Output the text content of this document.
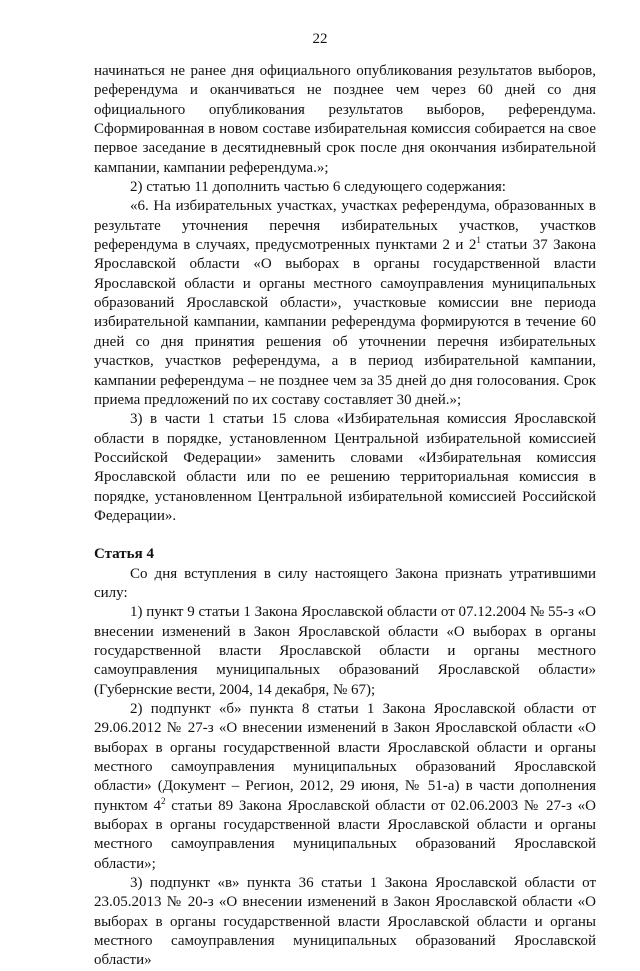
22

начинаться не ранее дня официального опубликования результатов выборов, референдума и оканчиваться не позднее чем через 60 дней со дня официального опубликования результатов выборов, референдума. Сформированная в новом составе избирательная комиссия собирается на свое первое заседание в десятидневный срок после дня окончания избирательной кампании, кампании референдума.»;

2) статью 11 дополнить частью 6 следующего содержания:

«6. На избирательных участках, участках референдума, образованных в результате уточнения перечня избирательных участков, участков референдума в случаях, предусмотренных пунктами 2 и $2^1$ статьи 37 Закона Ярославской области «О выборах в органы государственной власти Ярославской области и органы местного самоуправления муниципальных образований Ярославской области», участковые комиссии вне периода избирательной кампании, кампании референдума формируются в течение 60 дней со дня принятия решения об уточнении перечня избирательных участков, участков референдума, а в период избирательной кампании, кампании референдума – не позднее чем за 35 дней до дня голосования. Срок приема предложений по их составу составляет 30 дней.»;

3) в части 1 статьи 15 слова «Избирательная комиссия Ярославской области в порядке, установленном Центральной избирательной комиссией Российской Федерации» заменить словами «Избирательная комиссия Ярославской области или по ее решению территориальная комиссия в порядке, установленном Центральной избирательной комиссией Российской Федерации».

Статья 4

Со дня вступления в силу настоящего Закона признать утратившими силу:

1) пункт 9 статьи 1 Закона Ярославской области от 07.12.2004 № 55-з «О внесении изменений в Закон Ярославской области «О выборах в органы государственной власти Ярославской области и органы местного самоуправления муниципальных образований Ярославской области» (Губернские вести, 2004, 14 декабря, № 67);

2) подпункт «б» пункта 8 статьи 1 Закона Ярославской области от 29.06.2012 № 27-з «О внесении изменений в Закон Ярославской области «О выборах в органы государственной власти Ярославской области и органы местного самоуправления муниципальных образований Ярославской области» (Документ – Регион, 2012, 29 июня, № 51-а) в части дополнения пунктом $4^2$ статьи 89 Закона Ярославской области от 02.06.2003 № 27-з «О выборах в органы государственной власти Ярославской области и органы местного самоуправления муниципальных образований Ярославской области»;

3) подпункт «в» пункта 36 статьи 1 Закона Ярославской области от 23.05.2013 № 20-з «О внесении изменений в Закон Ярославской области «О выборах в органы государственной власти Ярославской области и органы местного самоуправления муниципальных образований Ярославской области»
